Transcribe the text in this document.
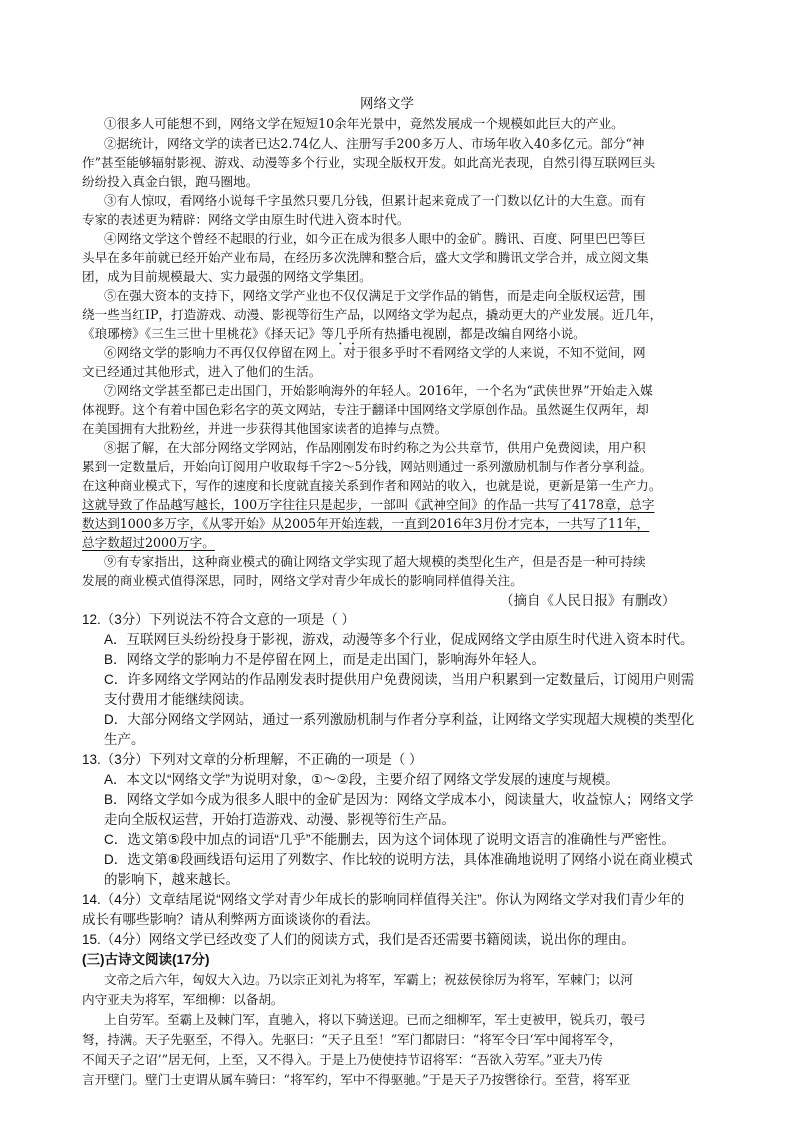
网络文学
①很多人可能想不到，网络文学在短短10余年光景中，竟然发展成一个规模如此巨大的产业。
②据统计，网络文学的读者已达2.74亿人、注册写手200多万人、市场年收入40多亿元。部分“神
作”甚至能够辐射影视、游戏、动漫等多个行业，实现全版权开发。如此高光表现，自然引得互联网巨头
纷纷投入真金白银，跑马圈地。
③有人惊叹，看网络小说每千字虽然只要几分钱，但累计起来竟成了一门数以亿计的大生意。而有
专家的表述更为精辟：网络文学由原生时代进入资本时代。
④网络文学这个曾经不起眼的行业，如今正在成为很多人眼中的金矿。腾讯、百度、阿里巴巴等巨
头早在多年前就已经开始产业布局，在经历多次洗牌和整合后，盛大文学和腾讯文学合并，成立阅文集
团，成为目前规模最大、实力最强的网络文学集团。
⑤在强大资本的支持下，网络文学产业也不仅仅满足于文学作品的销售，而是走向全版权运营，围
绕一些当红IP，打造游戏、动漫、影视等衍生产品，以网络文学为起点，撬动更大的产业发展。近几年，
《琅琊榜》《三生三世十里桃花》《择天记》等几乎所有热播电视剧，都是改编自网络小说。
⑥网络文学的影响力不再仅仅停留在网上。对于很多乎时不看网络文学的人来说，不知不觉间，网
文已经通过其他形式，进入了他们的生活。
⑦网络文学甚至都已走出国门，开始影响海外的年轻人。2016年，一个名为“武侠世界”开始走入媒
体视野。这个有着中国色彩名字的英文网站，专注于翻译中国网络文学原创作品。虽然诞生仅两年，却
在美国拥有大批粉丝，并进一步获得其他国家读者的追捧与点赞。
⑧据了解，在大部分网络文学网站，作品刚刚发布时约称之为公共章节，供用户免费阅读，用户积
累到一定数量后，开始向订阅用户收取每千字2～5分钱，网站则通过一系列激励机制与作者分享利益。
在这种商业模式下，写作的速度和长度就直接关系到作者和网站的收入，也就是说，更新是第一生产力。
这就导致了作品越写越长，100万字往往只是起步，一部叫《武神空间》的作品一共写了4178章，总字
数达到1000多万字，《从零开始》从2005年开始连载，一直到2016年3月份才完本，一共写了11年，
总字数超过2000万字。
⑨有专家指出，这种商业模式的确让网络文学实现了超大规模的类型化生产，但是否是一种可持续
发展的商业模式值得深思，同时，网络文学对青少年成长的影响同样值得关注。
（摘自《人民日报》有删改）
12.（3分）下列说法不符合文意的一项是（ ）
A．互联网巨头纷纷投身于影视，游戏，动漫等多个行业，促成网络文学由原生时代进入资本时代。
B．网络文学的影响力不是停留在网上，而是走出国门，影响海外年轻人。
C．许多网络文学网站的作品刚发表时提供用户免费阅读，当用户积累到一定数量后，订阅用户则需
支付费用才能继续阅读。
D．大部分网络文学网站，通过一系列激励机制与作者分享利益，让网络文学实现超大规模的类型化
生产。
13.（3分）下列对文章的分析理解，不正确的一项是（ ）
A．本文以“网络文学”为说明对象，①～②段，主要介绍了网络文学发展的速度与规模。
B．网络文学如今成为很多人眼中的金矿是因为：网络文学成本小，阅读量大，收益惊人；网络文学
走向全版权运营，开始打造游戏、动漫、影视等衍生产品。
C．选文第⑤段中加点的词语“几乎”不能删去，因为这个词体现了说明文语言的准确性与严密性。
D．选文第⑧段画线语句运用了列数字、作比较的说明方法，具体准确地说明了网络小说在商业模式
的影响下，越来越长。
14.（4分）文章结尾说“网络文学对青少年成长的影响同样值得关注”。你认为网络文学对我们青少年的
成长有哪些影响？请从利弊两方面谈谈你的看法。
15.（4分）网络文学已经改变了人们的阅读方式，我们是否还需要书籍阅读，说出你的理由。
(三)古诗文阅读(17分)
文帝之后六年，匈奴大入边。乃以宗正刘礼为将军，军霸上；祝兹侯徐厉为将军，军棘门；以河
内守亚夫为将军，军细柳：以备胡。
上自劳军。至霸上及棘门军，直驰入，将以下骑送迎。已而之细柳军，军士吏被甲，锐兵刃，彀弓
弩，持满。天子先驱至，不得入。先驱曰：“天子且至！”军门都尉曰：“将军令曰‘军中闻将军令，
不闻天子之诏’”居无何，上至，又不得入。于是上乃使使持节诏将军：“吾欲入劳军。”亚夫乃传
言开壁门。壁门士吏谓从属车骑曰：“将军约，军中不得驱驰。”于是天子乃按辔徐行。至营，将军亚
